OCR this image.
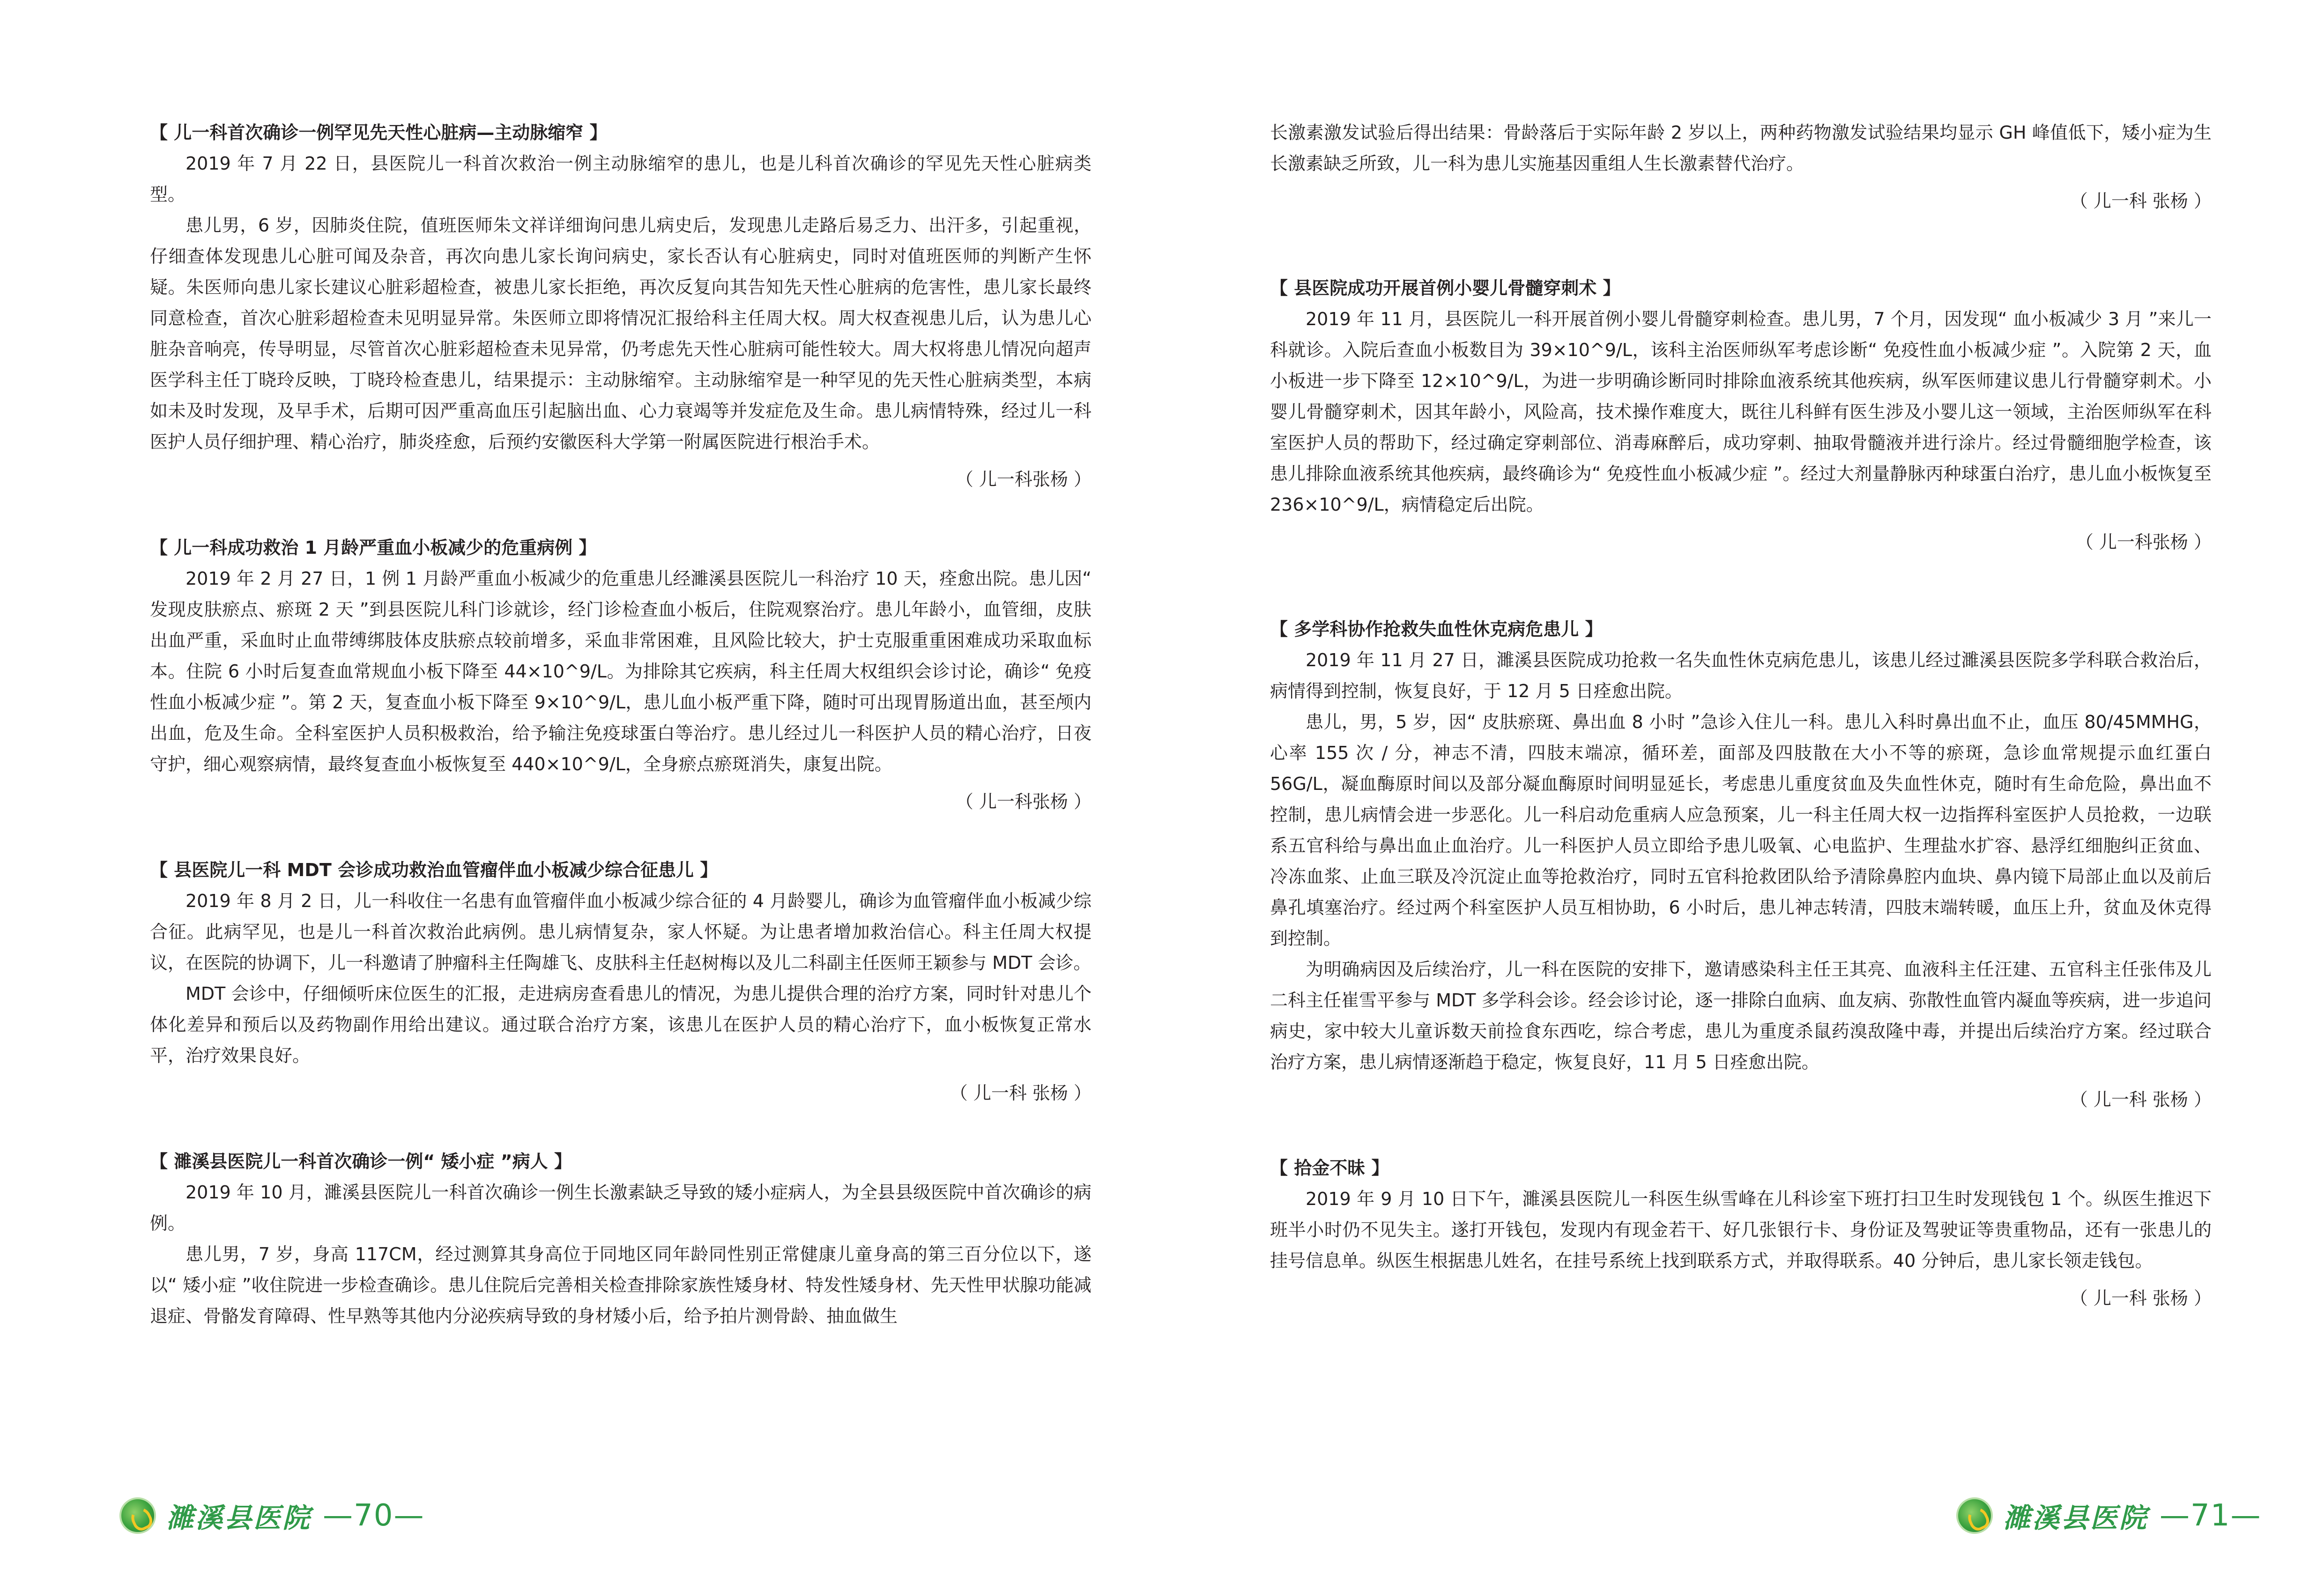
【 儿一科首次确诊一例罕见先天性心脏病—主动脉缩窄 】

2019 年 7 月 22 日，县医院儿一科首次救治一例主动脉缩窄的患儿，也是儿科首次确诊的罕见先天性心脏病类型。

患儿男，6 岁，因肺炎住院，值班医师朱文祥详细询问患儿病史后，发现患儿走路后易乏力、出汗多，引起重视，仔细查体发现患儿心脏可闻及杂音，再次向患儿家长询问病史，家长否认有心脏病史，同时对值班医师的判断产生怀疑。朱医师向患儿家长建议心脏彩超检查，被患儿家长拒绝，再次反复向其告知先天性心脏病的危害性，患儿家长最终同意检查，首次心脏彩超检查未见明显异常。朱医师立即将情况汇报给科主任周大权。周大权查视患儿后，认为患儿心脏杂音响亮，传导明显，尽管首次心脏彩超检查未见异常，仍考虑先天性心脏病可能性较大。周大权将患儿情况向超声医学科主任丁晓玲反映，丁晓玲检查患儿，结果提示：主动脉缩窄。主动脉缩窄是一种罕见的先天性心脏病类型，本病如未及时发现，及早手术，后期可因严重高血压引起脑出血、心力衰竭等并发症危及生命。患儿病情特殊，经过儿一科医护人员仔细护理、精心治疗，肺炎痊愈，后预约安徽医科大学第一附属医院进行根治手术。

（ 儿一科张杨 ）

【 儿一科成功救治 1 月龄严重血小板减少的危重病例 】

2019 年 2 月 27 日，1 例 1 月龄严重血小板减少的危重患儿经濉溪县医院儿一科治疗 10 天，痊愈出院。患儿因“ 发现皮肤瘀点、瘀斑 2 天 ”到县医院儿科门诊就诊，经门诊检查血小板后，住院观察治疗。患儿年龄小，血管细，皮肤出血严重，采血时止血带缚绑肢体皮肤瘀点较前增多，采血非常困难，且风险比较大，护士克服重重困难成功采取血标本。住院 6 小时后复查血常规血小板下降至 44×10^9/L。为排除其它疾病，科主任周大权组织会诊讨论，确诊“ 免疫性血小板减少症 ”。第 2 天，复查血小板下降至 9×10^9/L，患儿血小板严重下降，随时可出现胃肠道出血，甚至颅内出血，危及生命。全科室医护人员积极救治，给予输注免疫球蛋白等治疗。患儿经过儿一科医护人员的精心治疗，日夜守护，细心观察病情，最终复查血小板恢复至 440×10^9/L，全身瘀点瘀斑消失，康复出院。

（ 儿一科张杨 ）

【 县医院儿一科 MDT 会诊成功救治血管瘤伴血小板减少综合征患儿 】

2019 年 8 月 2 日，儿一科收住一名患有血管瘤伴血小板减少综合征的 4 月龄婴儿，确诊为血管瘤伴血小板减少综合征。此病罕见，也是儿一科首次救治此病例。患儿病情复杂，家人怀疑。为让患者增加救治信心。科主任周大权提议，在医院的协调下，儿一科邀请了肿瘤科主任陶雄飞、皮肤科主任赵树梅以及儿二科副主任医师王颖参与 MDT 会诊。

MDT 会诊中，仔细倾听床位医生的汇报，走进病房查看患儿的情况，为患儿提供合理的治疗方案，同时针对患儿个体化差异和预后以及药物副作用给出建议。通过联合治疗方案，该患儿在医护人员的精心治疗下，血小板恢复正常水平，治疗效果良好。

（ 儿一科 张杨 ）

【 濉溪县医院儿一科首次确诊一例“ 矮小症 ”病人 】

2019 年 10 月，濉溪县医院儿一科首次确诊一例生长激素缺乏导致的矮小症病人，为全县县级医院中首次确诊的病例。

患儿男，7 岁，身高 117CM，经过测算其身高位于同地区同年龄同性别正常健康儿童身高的第三百分位以下，遂以“ 矮小症 ”收住院进一步检查确诊。患儿住院后完善相关检查排除家族性矮身材、特发性矮身材、先天性甲状腺功能减退症、骨骼发育障碍、性早熟等其他内分泌疾病导致的身材矮小后，给予拍片测骨龄、抽血做生

濉溪县医院 —70—

长激素激发试验后得出结果：骨龄落后于实际年龄 2 岁以上，两种药物激发试验结果均显示 GH 峰值低下，矮小症为生长激素缺乏所致，儿一科为患儿实施基因重组人生长激素替代治疗。

（ 儿一科 张杨 ）

【 县医院成功开展首例小婴儿骨髓穿刺术 】

2019 年 11 月，县医院儿一科开展首例小婴儿骨髓穿刺检查。患儿男，7 个月，因发现“ 血小板减少 3 月 ”来儿一科就诊。入院后查血小板数目为 39×10^9/L，该科主治医师纵军考虑诊断“ 免疫性血小板减少症 ”。入院第 2 天，血小板进一步下降至 12×10^9/L，为进一步明确诊断同时排除血液系统其他疾病，纵军医师建议患儿行骨髓穿刺术。小婴儿骨髓穿刺术，因其年龄小，风险高，技术操作难度大，既往儿科鲜有医生涉及小婴儿这一领域，主治医师纵军在科室医护人员的帮助下，经过确定穿刺部位、消毒麻醉后，成功穿刺、抽取骨髓液并进行涂片。经过骨髓细胞学检查，该患儿排除血液系统其他疾病，最终确诊为“ 免疫性血小板减少症 ”。经过大剂量静脉丙种球蛋白治疗，患儿血小板恢复至 236×10^9/L，病情稳定后出院。

（ 儿一科张杨 ）

【 多学科协作抢救失血性休克病危患儿 】

2019 年 11 月 27 日，濉溪县医院成功抢救一名失血性休克病危患儿，该患儿经过濉溪县医院多学科联合救治后，病情得到控制，恢复良好，于 12 月 5 日痊愈出院。

患儿，男，5 岁，因“ 皮肤瘀斑、鼻出血 8 小时 ”急诊入住儿一科。患儿入科时鼻出血不止，血压 80/45MMHG，心率 155 次 / 分，神志不清，四肢末端凉，循环差，面部及四肢散在大小不等的瘀斑，急诊血常规提示血红蛋白 56G/L，凝血酶原时间以及部分凝血酶原时间明显延长，考虑患儿重度贫血及失血性休克，随时有生命危险，鼻出血不控制，患儿病情会进一步恶化。儿一科启动危重病人应急预案，儿一科主任周大权一边指挥科室医护人员抢救，一边联系五官科给与鼻出血止血治疗。儿一科医护人员立即给予患儿吸氧、心电监护、生理盐水扩容、悬浮红细胞纠正贫血、冷冻血浆、止血三联及冷沉淀止血等抢救治疗，同时五官科抢救团队给予清除鼻腔内血块、鼻内镜下局部止血以及前后鼻孔填塞治疗。经过两个科室医护人员互相协助，6 小时后，患儿神志转清，四肢末端转暖，血压上升，贫血及休克得到控制。

为明确病因及后续治疗，儿一科在医院的安排下，邀请感染科主任王其亮、血液科主任汪建、五官科主任张伟及儿二科主任崔雪平参与 MDT 多学科会诊。经会诊讨论，逐一排除白血病、血友病、弥散性血管内凝血等疾病，进一步追问病史，家中较大儿童诉数天前捡食东西吃，综合考虑，患儿为重度杀鼠药溴敌隆中毒，并提出后续治疗方案。经过联合治疗方案，患儿病情逐渐趋于稳定，恢复良好，11 月 5 日痊愈出院。

（ 儿一科 张杨 ）

【 拾金不昧 】

2019 年 9 月 10 日下午，濉溪县医院儿一科医生纵雪峰在儿科诊室下班打扫卫生时发现钱包 1 个。纵医生推迟下班半小时仍不见失主。遂打开钱包，发现内有现金若干、好几张银行卡、身份证及驾驶证等贵重物品，还有一张患儿的挂号信息单。纵医生根据患儿姓名，在挂号系统上找到联系方式，并取得联系。40 分钟后，患儿家长领走钱包。

（ 儿一科 张杨 ）

濉溪县医院 —71—
